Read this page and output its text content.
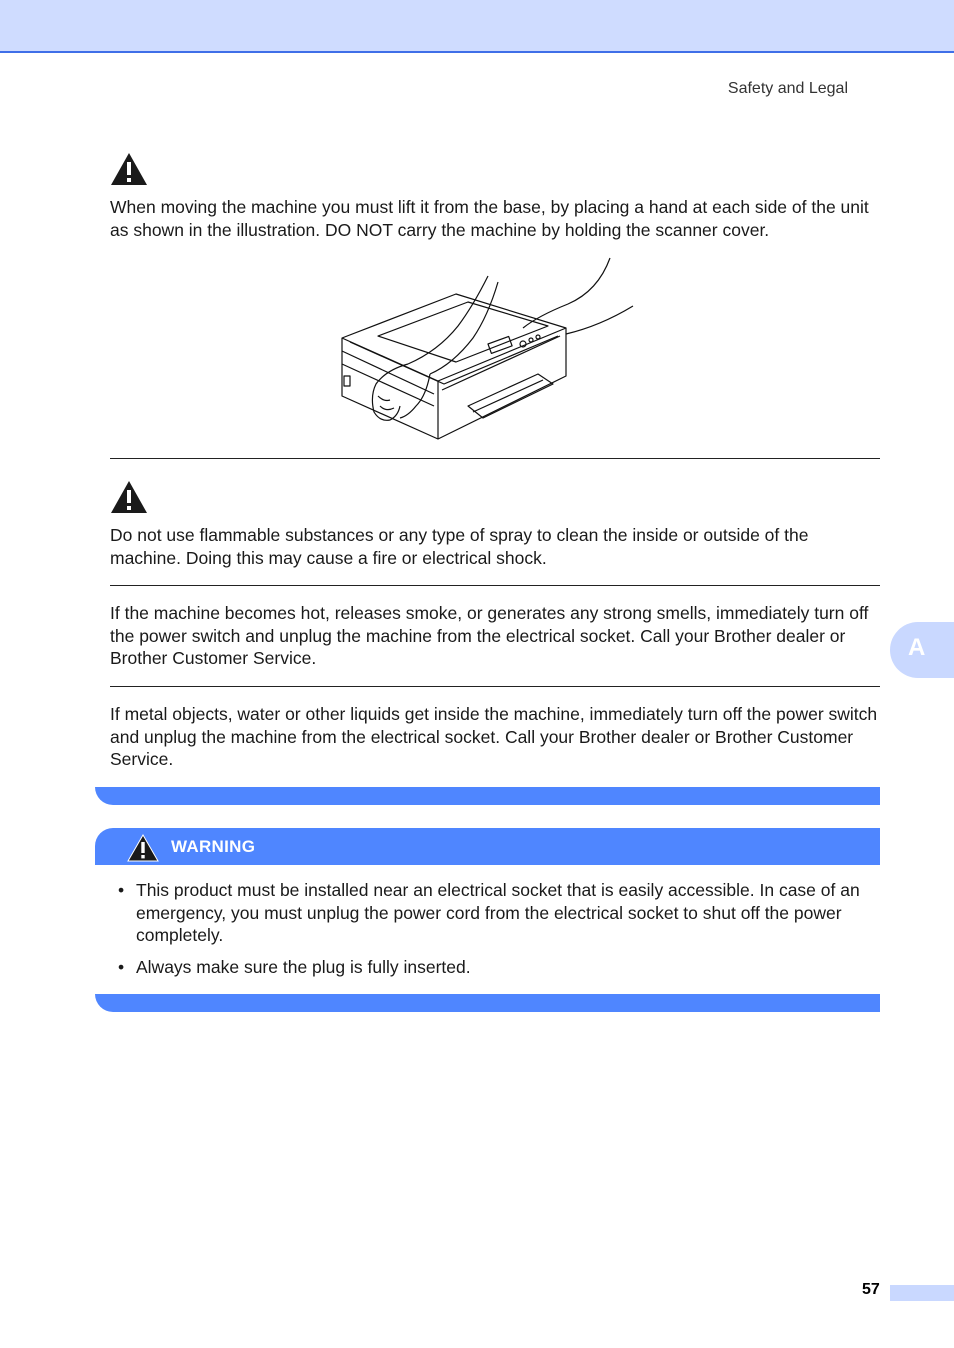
Safety and Legal

When moving the machine you must lift it from the base, by placing a hand at each side of the unit as shown in the illustration. DO NOT carry the machine by holding the scanner cover.

Do not use flammable substances or any type of spray to clean the inside or outside of the machine. Doing this may cause a fire or electrical shock.

If the machine becomes hot, releases smoke, or generates any strong smells, immediately turn off the power switch and unplug the machine from the electrical socket. Call your Brother dealer or Brother Customer Service.

If metal objects, water or other liquids get inside the machine, immediately turn off the power switch and unplug the machine from the electrical socket. Call your Brother dealer or Brother Customer Service.

A
WARNING
• This product must be installed near an electrical socket that is easily accessible. In case of an emergency, you must unplug the power cord from the electrical socket to shut off the power completely.
• Always make sure the plug is fully inserted.
57
